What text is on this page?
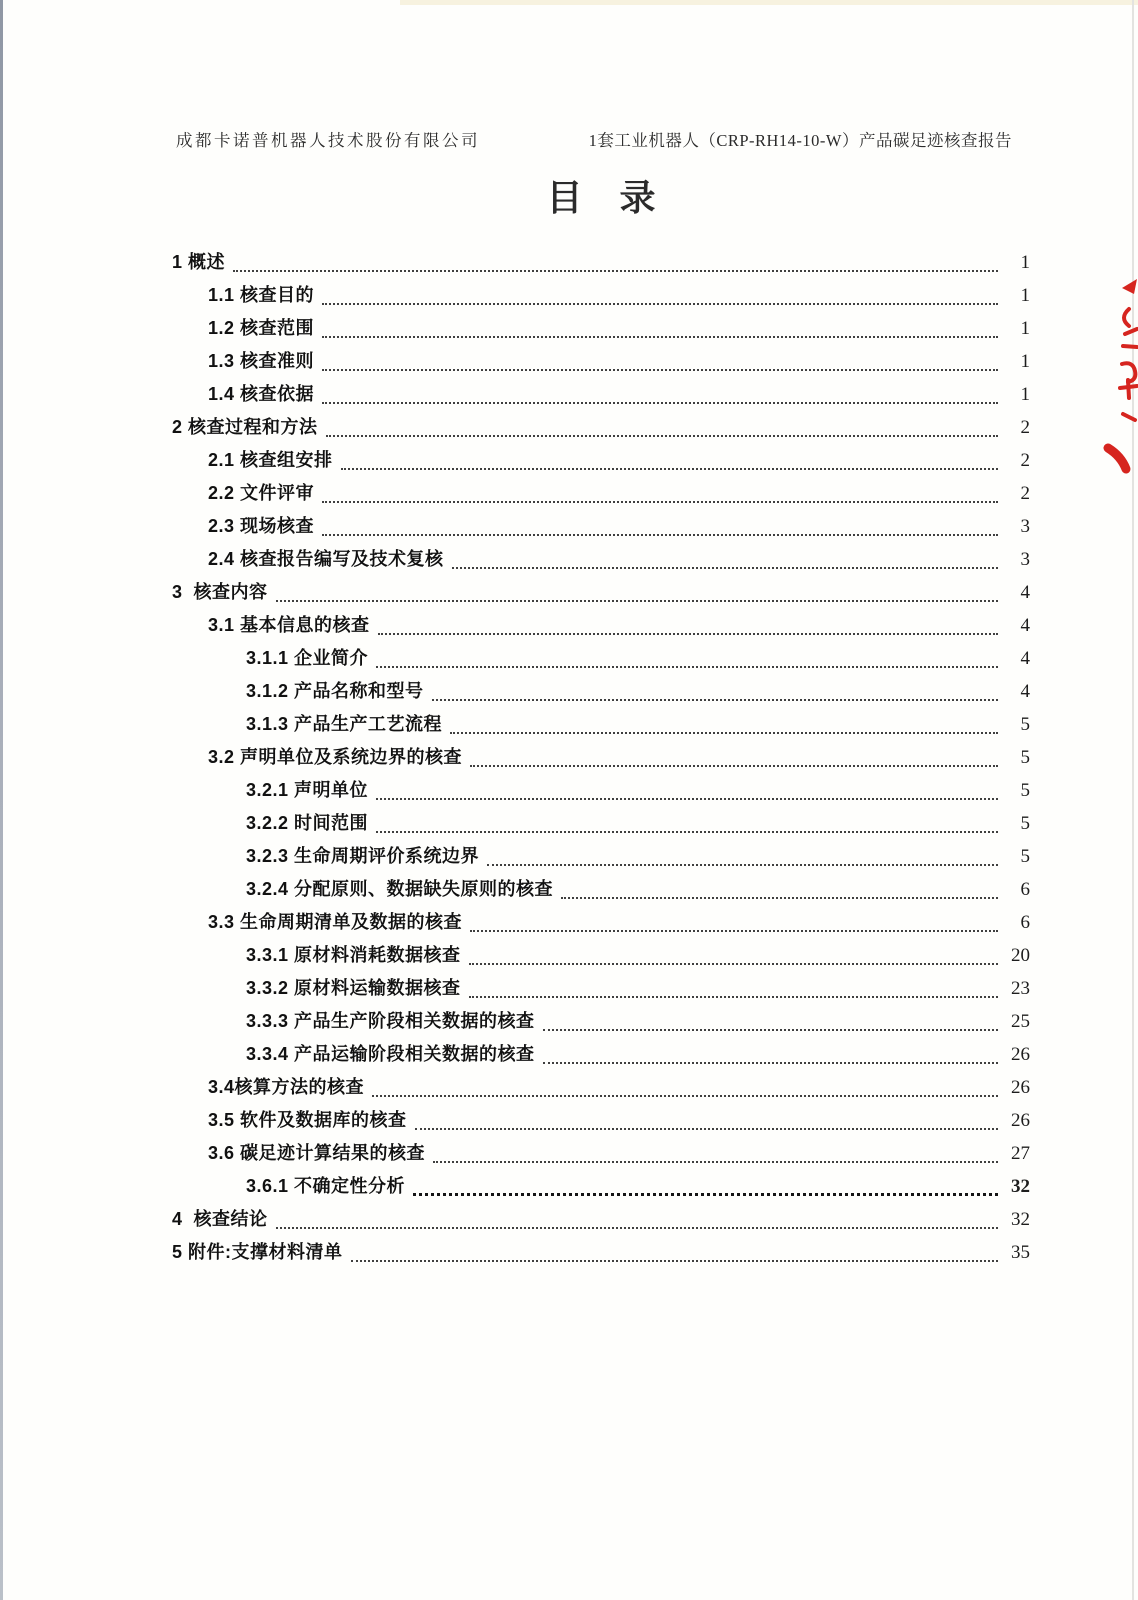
成都卡诺普机器人技术股份有限公司	1套工业机器人（CRP-RH14-10-W）产品碳足迹核查报告
目 录
1 概述	1
1.1 核查目的	1
1.2 核查范围	1
1.3 核查准则	1
1.4 核查依据	1
2 核查过程和方法	2
2.1 核查组安排	2
2.2 文件评审	2
2.3 现场核查	3
2.4 核查报告编写及技术复核	3
3  核查内容	4
3.1 基本信息的核查	4
3.1.1 企业简介	4
3.1.2 产品名称和型号	4
3.1.3 产品生产工艺流程	5
3.2 声明单位及系统边界的核查	5
3.2.1 声明单位	5
3.2.2 时间范围	5
3.2.3 生命周期评价系统边界	5
3.2.4 分配原则、数据缺失原则的核查	6
3.3 生命周期清单及数据的核查	6
3.3.1 原材料消耗数据核查	20
3.3.2 原材料运输数据核查	23
3.3.3 产品生产阶段相关数据的核查	25
3.3.4 产品运输阶段相关数据的核查	26
3.4核算方法的核查	26
3.5 软件及数据库的核查	26
3.6 碳足迹计算结果的核查	27
3.6.1 不确定性分析	32
4  核查结论	32
5 附件:支撑材料清单	35
